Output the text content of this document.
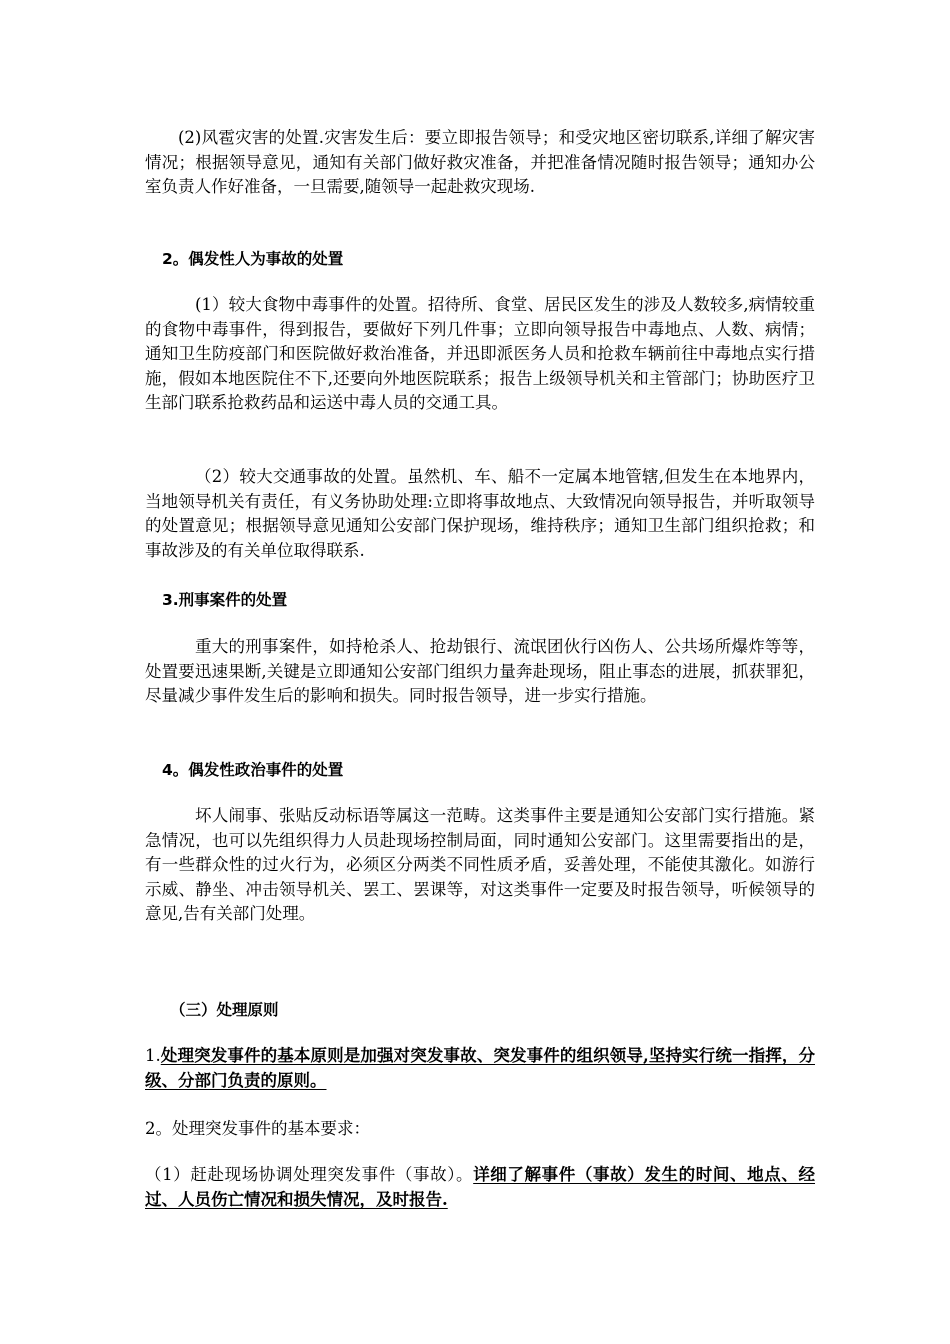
(2)风雹灾害的处置.灾害发生后：要立即报告领导；和受灾地区密切联系,详细了解灾害情况；根据领导意见，通知有关部门做好救灾准备，并把准备情况随时报告领导；通知办公室负责人作好准备，一旦需要,随领导一起赴救灾现场.

2。偶发性人为事故的处置

(1）较大食物中毒事件的处置。招待所、食堂、居民区发生的涉及人数较多,病情较重的食物中毒事件，得到报告，要做好下列几件事；立即向领导报告中毒地点、人数、病情；通知卫生防疫部门和医院做好救治准备，并迅即派医务人员和抢救车辆前往中毒地点实行措施，假如本地医院住不下,还要向外地医院联系；报告上级领导机关和主管部门；协助医疗卫生部门联系抢救药品和运送中毒人员的交通工具。

（2）较大交通事故的处置。虽然机、车、船不一定属本地管辖,但发生在本地界内，当地领导机关有责任，有义务协助处理:立即将事故地点、大致情况向领导报告，并听取领导的处置意见；根据领导意见通知公安部门保护现场，维持秩序；通知卫生部门组织抢救；和事故涉及的有关单位取得联系.

3.刑事案件的处置

重大的刑事案件，如持枪杀人、抢劫银行、流氓团伙行凶伤人、公共场所爆炸等等，处置要迅速果断,关键是立即通知公安部门组织力量奔赴现场，阻止事态的进展，抓获罪犯，尽量减少事件发生后的影响和损失。同时报告领导，进一步实行措施。

4。偶发性政治事件的处置

坏人闹事、张贴反动标语等属这一范畴。这类事件主要是通知公安部门实行措施。紧急情况，也可以先组织得力人员赴现场控制局面，同时通知公安部门。这里需要指出的是，有一些群众性的过火行为，必须区分两类不同性质矛盾，妥善处理，不能使其激化。如游行示威、静坐、冲击领导机关、罢工、罢课等，对这类事件一定要及时报告领导，听候领导的意见,告有关部门处理。

（三）处理原则

1.处理突发事件的基本原则是加强对突发事故、突发事件的组织领导,坚持实行统一指挥，分级、分部门负责的原则。

2。处理突发事件的基本要求：

（1）赶赴现场协调处理突发事件（事故）。详细了解事件（事故）发生的时间、地点、经过、人员伤亡情况和损失情况，及时报告.
